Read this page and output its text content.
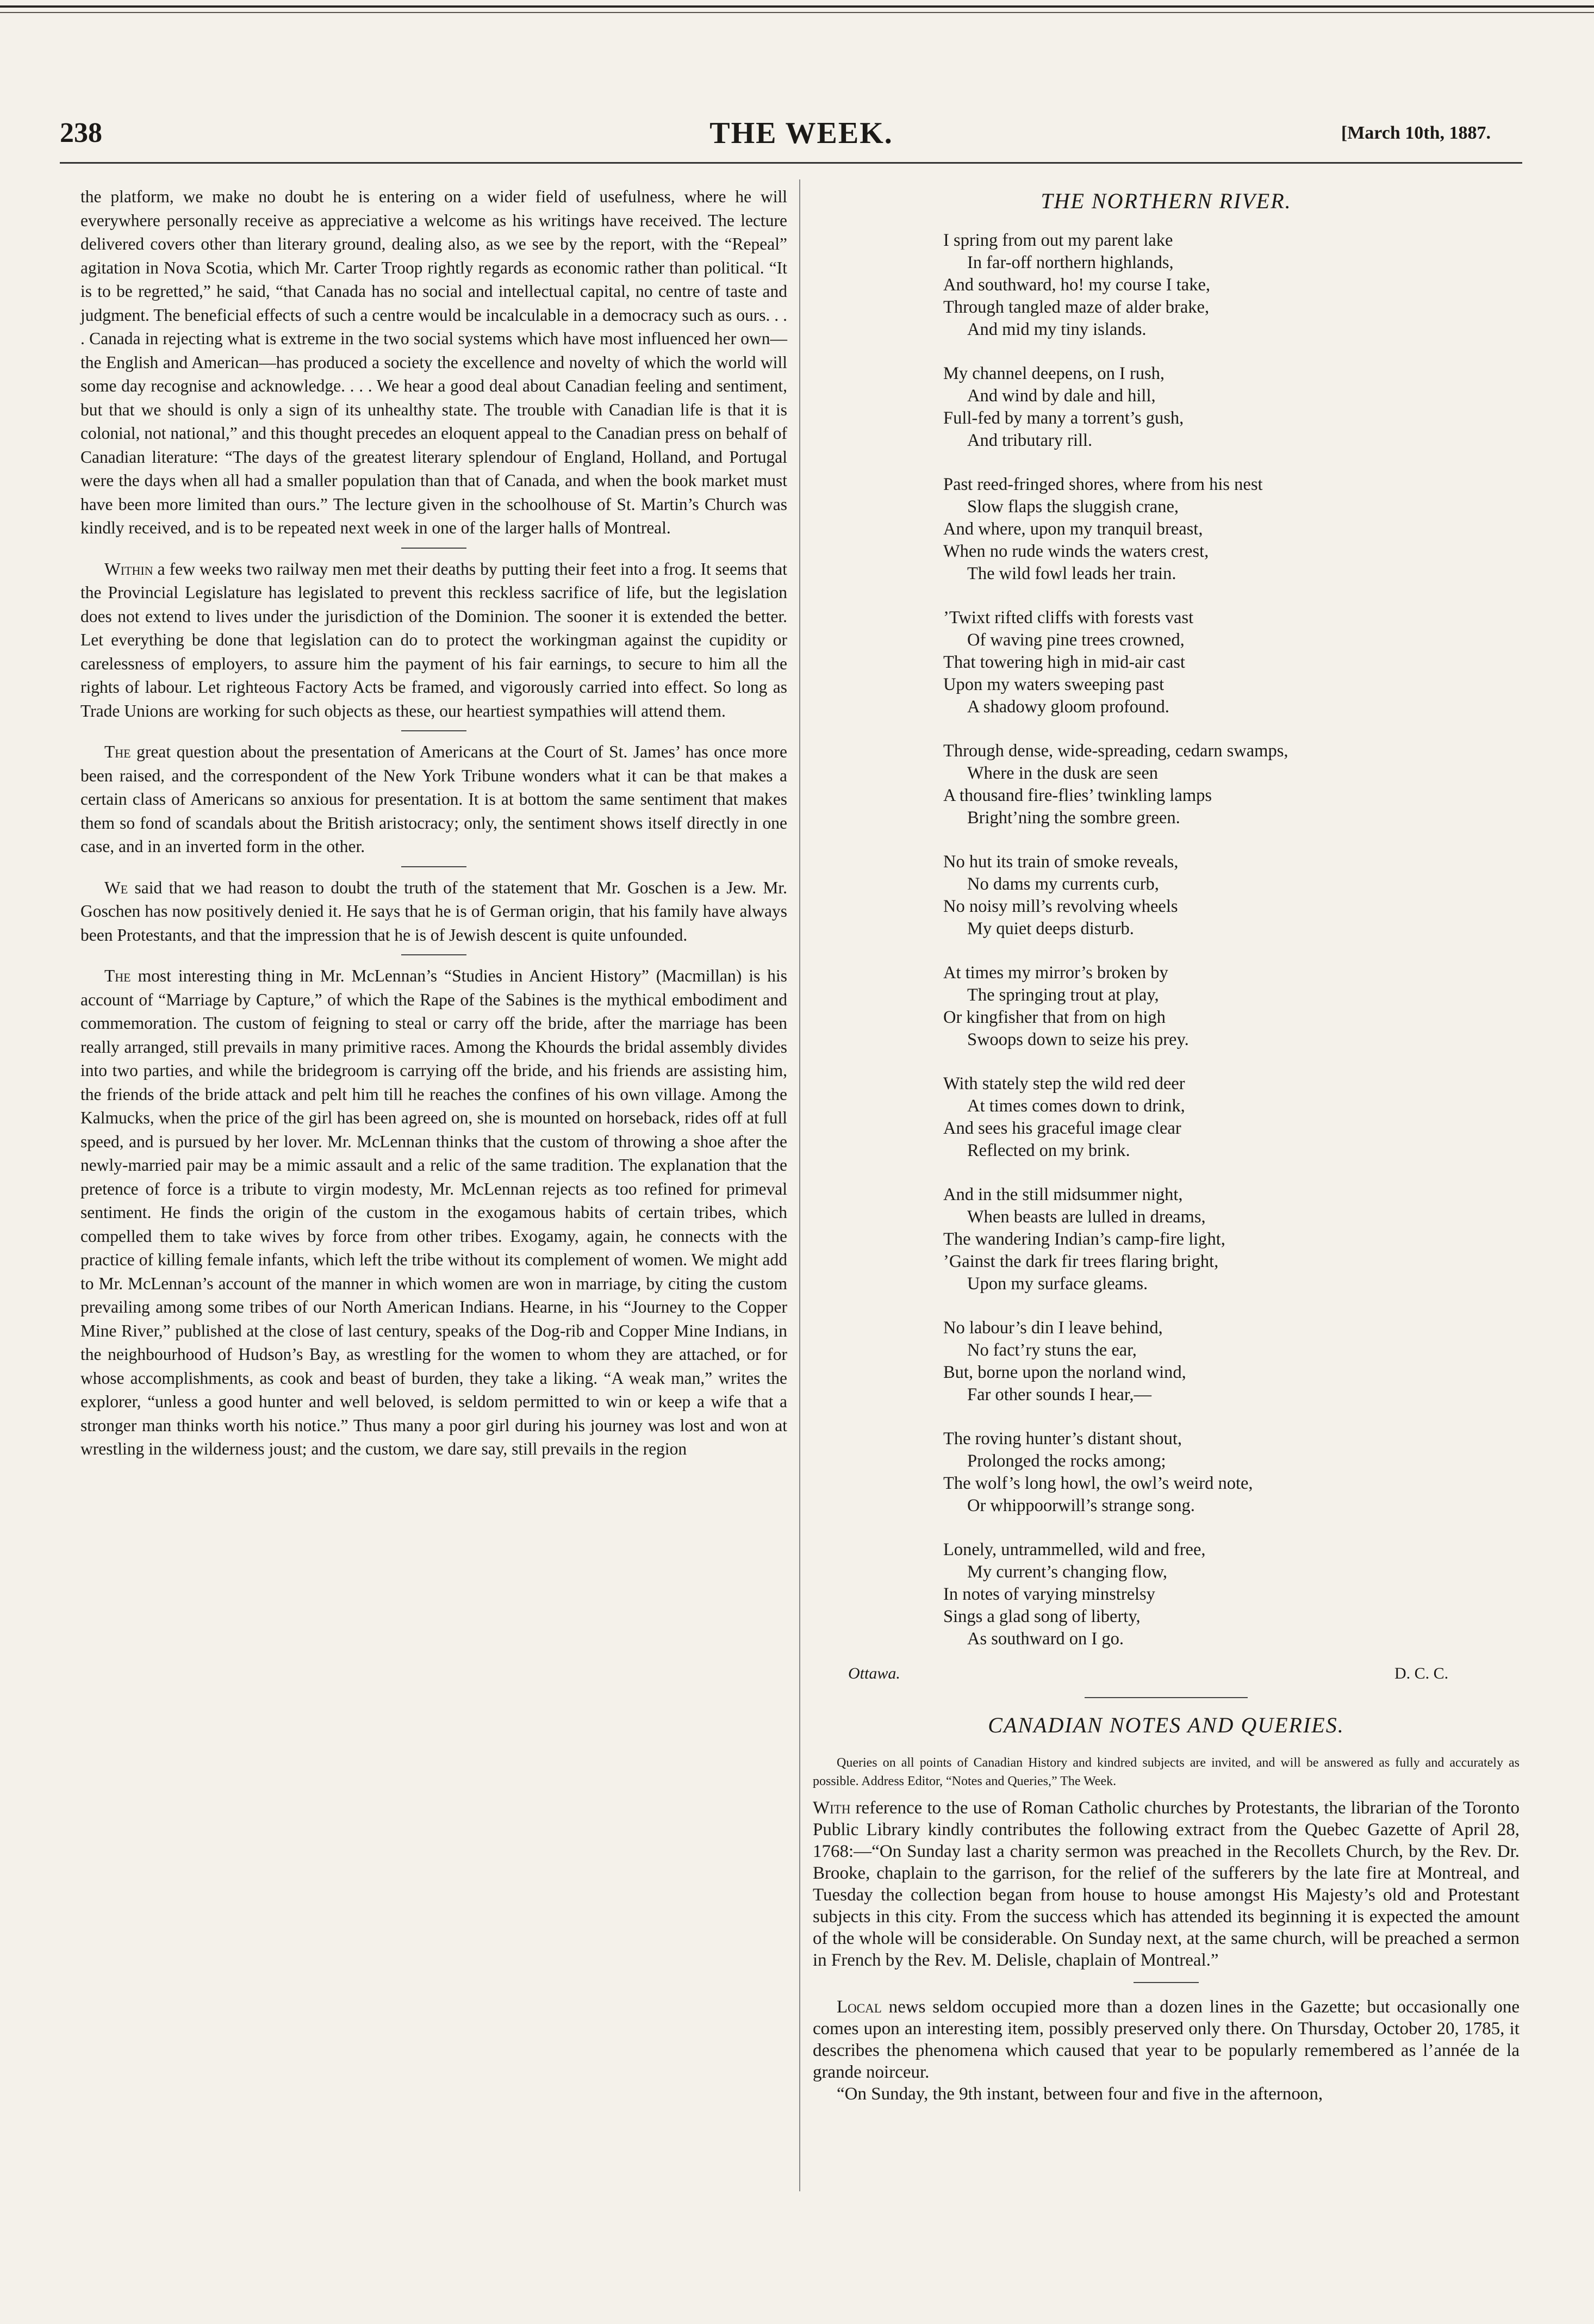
238	THE WEEK.	[March 10th, 1887.

the platform, we make no doubt he is entering on a wider field of usefulness, where he will everywhere personally receive as appreciative a welcome as his writings have received. The lecture delivered covers other than literary ground, dealing also, as we see by the report, with the “Repeal” agitation in Nova Scotia, which Mr. Carter Troop rightly regards as economic rather than political. “It is to be regretted,” he said, “that Canada has no social and intellectual capital, no centre of taste and judgment. The beneficial effects of such a centre would be incalculable in a democracy such as ours. . . . Canada in rejecting what is extreme in the two social systems which have most influenced her own—the English and American—has produced a society the excellence and novelty of which the world will some day recognise and acknowledge. . . . We hear a good deal about Canadian feeling and sentiment, but that we should is only a sign of its unhealthy state. The trouble with Canadian life is that it is colonial, not national,” and this thought precedes an eloquent appeal to the Canadian press on behalf of Canadian literature: “The days of the greatest literary splendour of England, Holland, and Portugal were the days when all had a smaller population than that of Canada, and when the book market must have been more limited than ours.” The lecture given in the schoolhouse of St. Martin’s Church was kindly received, and is to be repeated next week in one of the larger halls of Montreal.

Within a few weeks two railway men met their deaths by putting their feet into a frog. It seems that the Provincial Legislature has legislated to prevent this reckless sacrifice of life, but the legislation does not extend to lives under the jurisdiction of the Dominion. The sooner it is extended the better. Let everything be done that legislation can do to protect the workingman against the cupidity or carelessness of employers, to assure him the payment of his fair earnings, to secure to him all the rights of labour. Let righteous Factory Acts be framed, and vigorously carried into effect. So long as Trade Unions are working for such objects as these, our heartiest sympathies will attend them.

The great question about the presentation of Americans at the Court of St. James’ has once more been raised, and the correspondent of the New York Tribune wonders what it can be that makes a certain class of Americans so anxious for presentation. It is at bottom the same sentiment that makes them so fond of scandals about the British aristocracy; only, the sentiment shows itself directly in one case, and in an inverted form in the other.

We said that we had reason to doubt the truth of the statement that Mr. Goschen is a Jew. Mr. Goschen has now positively denied it. He says that he is of German origin, that his family have always been Protestants, and that the impression that he is of Jewish descent is quite unfounded.

The most interesting thing in Mr. McLennan’s “Studies in Ancient History” (Macmillan) is his account of “Marriage by Capture,” of which the Rape of the Sabines is the mythical embodiment and commemoration. The custom of feigning to steal or carry off the bride, after the marriage has been really arranged, still prevails in many primitive races. Among the Khourds the bridal assembly divides into two parties, and while the bridegroom is carrying off the bride, and his friends are assisting him, the friends of the bride attack and pelt him till he reaches the confines of his own village. Among the Kalmucks, when the price of the girl has been agreed on, she is mounted on horseback, rides off at full speed, and is pursued by her lover. Mr. McLennan thinks that the custom of throwing a shoe after the newly-married pair may be a mimic assault and a relic of the same tradition. The explanation that the pretence of force is a tribute to virgin modesty, Mr. McLennan rejects as too refined for primeval sentiment. He finds the origin of the custom in the exogamous habits of certain tribes, which compelled them to take wives by force from other tribes. Exogamy, again, he connects with the practice of killing female infants, which left the tribe without its complement of women. We might add to Mr. McLennan’s account of the manner in which women are won in marriage, by citing the custom prevailing among some tribes of our North American Indians. Hearne, in his “Journey to the Copper Mine River,” published at the close of last century, speaks of the Dog-rib and Copper Mine Indians, in the neighbourhood of Hudson’s Bay, as wrestling for the women to whom they are attached, or for whose accomplishments, as cook and beast of burden, they take a liking. “A weak man,” writes the explorer, “unless a good hunter and well beloved, is seldom permitted to win or keep a wife that a stronger man thinks worth his notice.” Thus many a poor girl during his journey was lost and won at wrestling in the wilderness joust; and the custom, we dare say, still prevails in the region

THE NORTHERN RIVER.
I spring from out my parent lake
In far-off northern highlands,
And southward, ho! my course I take,
Through tangled maze of alder brake,
And mid my tiny islands.
My channel deepens, on I rush,
And wind by dale and hill,
Full-fed by many a torrent’s gush,
And tributary rill.
Past reed-fringed shores, where from his nest
Slow flaps the sluggish crane,
And where, upon my tranquil breast,
When no rude winds the waters crest,
The wild fowl leads her train.
’Twixt rifted cliffs with forests vast
Of waving pine trees crowned,
That towering high in mid-air cast
Upon my waters sweeping past
A shadowy gloom profound.
Through dense, wide-spreading, cedarn swamps,
Where in the dusk are seen
A thousand fire-flies’ twinkling lamps
Bright’ning the sombre green.
No hut its train of smoke reveals,
No dams my currents curb,
No noisy mill’s revolving wheels
My quiet deeps disturb.
At times my mirror’s broken by
The springing trout at play,
Or kingfisher that from on high
Swoops down to seize his prey.
With stately step the wild red deer
At times comes down to drink,
And sees his graceful image clear
Reflected on my brink.
And in the still midsummer night,
When beasts are lulled in dreams,
The wandering Indian’s camp-fire light,
’Gainst the dark fir trees flaring bright,
Upon my surface gleams.
No labour’s din I leave behind,
No fact’ry stuns the ear,
But, borne upon the norland wind,
Far other sounds I hear,—
The roving hunter’s distant shout,
Prolonged the rocks among;
The wolf’s long howl, the owl’s weird note,
Or whippoorwill’s strange song.
Lonely, untrammelled, wild and free,
My current’s changing flow,
In notes of varying minstrelsy
Sings a glad song of liberty,
As southward on I go.
Ottawa.	D. C. C.
CANADIAN NOTES AND QUERIES.

Queries on all points of Canadian History and kindred subjects are invited, and will be answered as fully and accurately as possible. Address Editor, “Notes and Queries,” The Week.

With reference to the use of Roman Catholic churches by Protestants, the librarian of the Toronto Public Library kindly contributes the following extract from the Quebec Gazette of April 28, 1768:—“On Sunday last a charity sermon was preached in the Recollets Church, by the Rev. Dr. Brooke, chaplain to the garrison, for the relief of the sufferers by the late fire at Montreal, and Tuesday the collection began from house to house amongst His Majesty’s old and Protestant subjects in this city. From the success which has attended its beginning it is expected the amount of the whole will be considerable. On Sunday next, at the same church, will be preached a sermon in French by the Rev. M. Delisle, chaplain of Montreal.”

Local news seldom occupied more than a dozen lines in the Gazette; but occasionally one comes upon an interesting item, possibly preserved only there. On Thursday, October 20, 1785, it describes the phenomena which caused that year to be popularly remembered as l’année de la grande noirceur.

“On Sunday, the 9th instant, between four and five in the afternoon,
